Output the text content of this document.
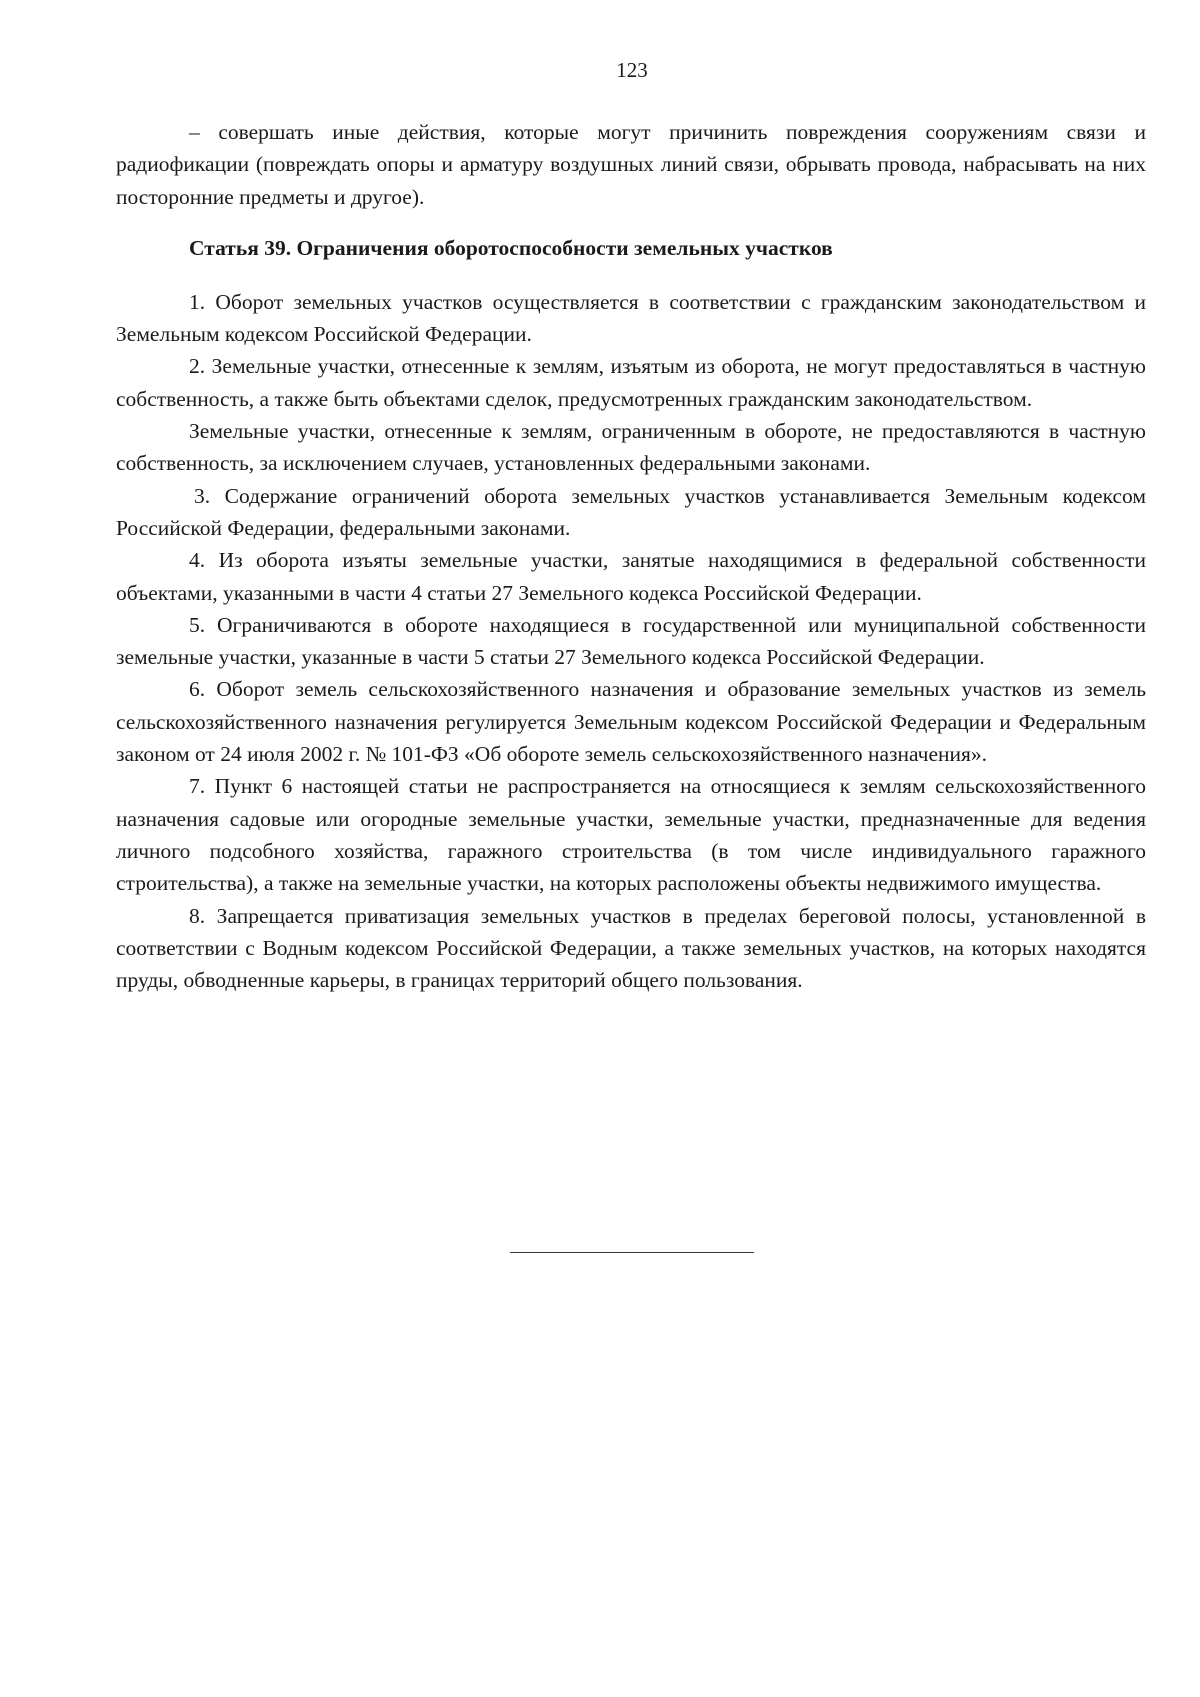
123

– совершать иные действия, которые могут причинить повреждения сооружениям связи и радиофикации (повреждать опоры и арматуру воздушных линий связи, обрывать провода, набрасывать на них посторонние предметы и другое).

Статья 39. Ограничения оборотоспособности земельных участков

1. Оборот земельных участков осуществляется в соответствии с гражданским законодательством и Земельным кодексом Российской Федерации.

2. Земельные участки, отнесенные к землям, изъятым из оборота, не могут предоставляться в частную собственность, а также быть объектами сделок, предусмотренных гражданским законодательством.

Земельные участки, отнесенные к землям, ограниченным в обороте, не предоставляются в частную собственность, за исключением случаев, установленных федеральными законами.

3. Содержание ограничений оборота земельных участков устанавливается Земельным кодексом Российской Федерации, федеральными законами.

4. Из оборота изъяты земельные участки, занятые находящимися в федеральной собственности объектами, указанными в части 4 статьи 27 Земельного кодекса Российской Федерации.

5. Ограничиваются в обороте находящиеся в государственной или муниципальной собственности земельные участки, указанные в части 5 статьи 27 Земельного кодекса Российской Федерации.

6. Оборот земель сельскохозяйственного назначения и образование земельных участков из земель сельскохозяйственного назначения регулируется Земельным кодексом Российской Федерации и Федеральным законом от 24 июля 2002 г. № 101-ФЗ «Об обороте земель сельскохозяйственного назначения».

7. Пункт 6 настоящей статьи не распространяется на относящиеся к землям сельскохозяйственного назначения садовые или огородные земельные участки, земельные участки, предназначенные для ведения личного подсобного хозяйства, гаражного строительства (в том числе индивидуального гаражного строительства), а также на земельные участки, на которых расположены объекты недвижимого имущества.

8. Запрещается приватизация земельных участков в пределах береговой полосы, установленной в соответствии с Водным кодексом Российской Федерации, а также земельных участков, на которых находятся пруды, обводненные карьеры, в границах территорий общего пользования.
